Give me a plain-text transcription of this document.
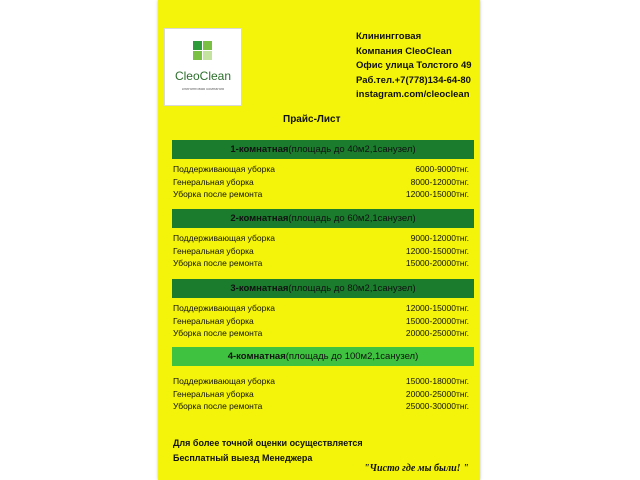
CleoClean
клининговая компания
Клинингговая
Компания CleoClean
Офис улица Толстого 49
Раб.тел.+7(778)134-64-80
instagram.com/cleoclean
Прайс-Лист
1-комнатная(площадь до 40м2,1санузел)
Поддерживающая уборка	6000-9000тнг.
Генеральная уборка	8000-12000тнг.
Уборка после ремонта	12000-15000тнг.
2-комнатная(площадь до 60м2,1санузел)
Поддерживающая уборка	9000-12000тнг.
Генеральная уборка	12000-15000тнг.
Уборка после ремонта	15000-20000тнг.
3-комнатная(площадь до 80м2,1санузел)
Поддерживающая уборка	12000-15000тнг.
Генеральная уборка	15000-20000тнг.
Уборка после ремонта	20000-25000тнг.
4-комнатная(площадь до 100м2,1санузел)
Поддерживающая уборка	15000-18000тнг.
Генеральная уборка	20000-25000тнг.
Уборка после ремонта	25000-30000тнг.
Для более точной оценки осуществляется
Бесплатный выезд Менеджера
"Чисто где мы были! "
